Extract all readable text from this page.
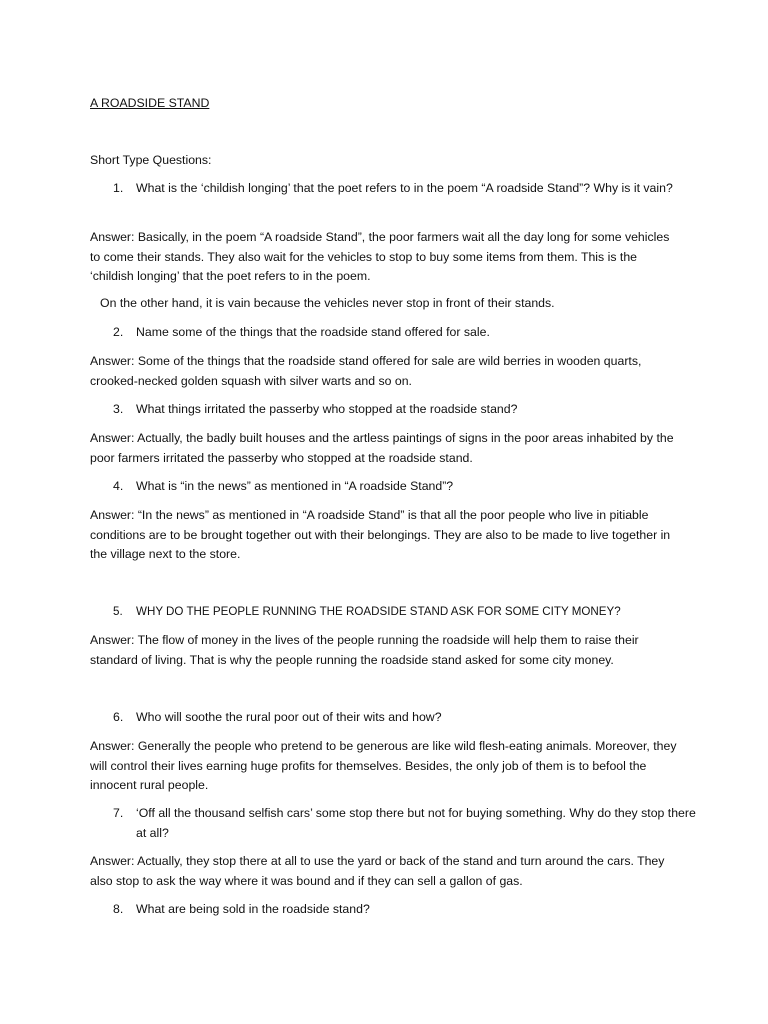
A ROADSIDE STAND

Short Type Questions:

1. What is the ‘childish longing’ that the poet refers to in the poem “A roadside Stand”? Why is it vain?

Answer: Basically, in the poem “A roadside Stand”, the poor farmers wait all the day long for some vehicles to come their stands. They also wait for the vehicles to stop to buy some items from them. This is the ‘childish longing’ that the poet refers to in the poem.

On the other hand, it is vain because the vehicles never stop in front of their stands.

2. Name some of the things that the roadside stand offered for sale.

Answer: Some of the things that the roadside stand offered for sale are wild berries in wooden quarts, crooked-necked golden squash with silver warts and so on.

3. What things irritated the passerby who stopped at the roadside stand?

Answer: Actually, the badly built houses and the artless paintings of signs in the poor areas inhabited by the poor farmers irritated the passerby who stopped at the roadside stand.

4. What is “in the news” as mentioned in “A roadside Stand”?

Answer: “In the news” as mentioned in “A roadside Stand” is that all the poor people who live in pitiable conditions are to be brought together out with their belongings. They are also to be made to live together in the village next to the store.

5. WHY DO THE PEOPLE RUNNING THE ROADSIDE STAND ASK FOR SOME CITY MONEY?

Answer: The flow of money in the lives of the people running the roadside will help them to raise their standard of living. That is why the people running the roadside stand asked for some city money.

6. Who will soothe the rural poor out of their wits and how?

Answer: Generally the people who pretend to be generous are like wild flesh-eating animals. Moreover, they will control their lives earning huge profits for themselves. Besides, the only job of them is to befool the innocent rural people.

7. ‘Off all the thousand selfish cars’ some stop there but not for buying something. Why do they stop there at all?

Answer: Actually, they stop there at all to use the yard or back of the stand and turn around the cars. They also stop to ask the way where it was bound and if they can sell a gallon of gas.

8. What are being sold in the roadside stand?
